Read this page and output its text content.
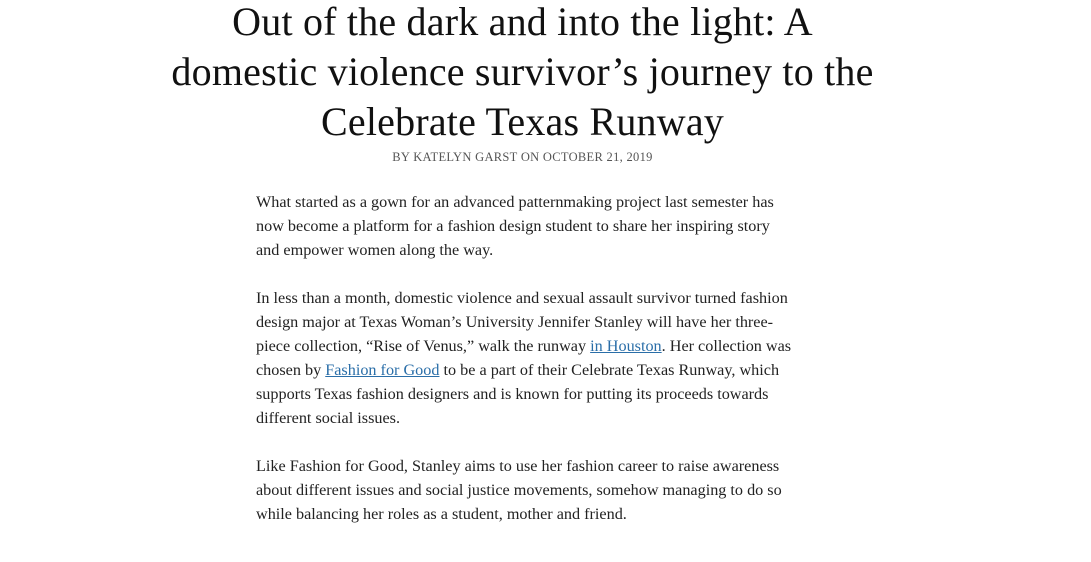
Out of the dark and into the light: A domestic violence survivor’s journey to the Celebrate Texas Runway
BY KATELYN GARST ON OCTOBER 21, 2019

What started as a gown for an advanced patternmaking project last semester has now become a platform for a fashion design student to share her inspiring story and empower women along the way.

In less than a month, domestic violence and sexual assault survivor turned fashion design major at Texas Woman’s University Jennifer Stanley will have her three-piece collection, “Rise of Venus,” walk the runway in Houston. Her collection was chosen by Fashion for Good to be a part of their Celebrate Texas Runway, which supports Texas fashion designers and is known for putting its proceeds towards different social issues.

Like Fashion for Good, Stanley aims to use her fashion career to raise awareness about different issues and social justice movements, somehow managing to do so while balancing her roles as a student, mother and friend.
